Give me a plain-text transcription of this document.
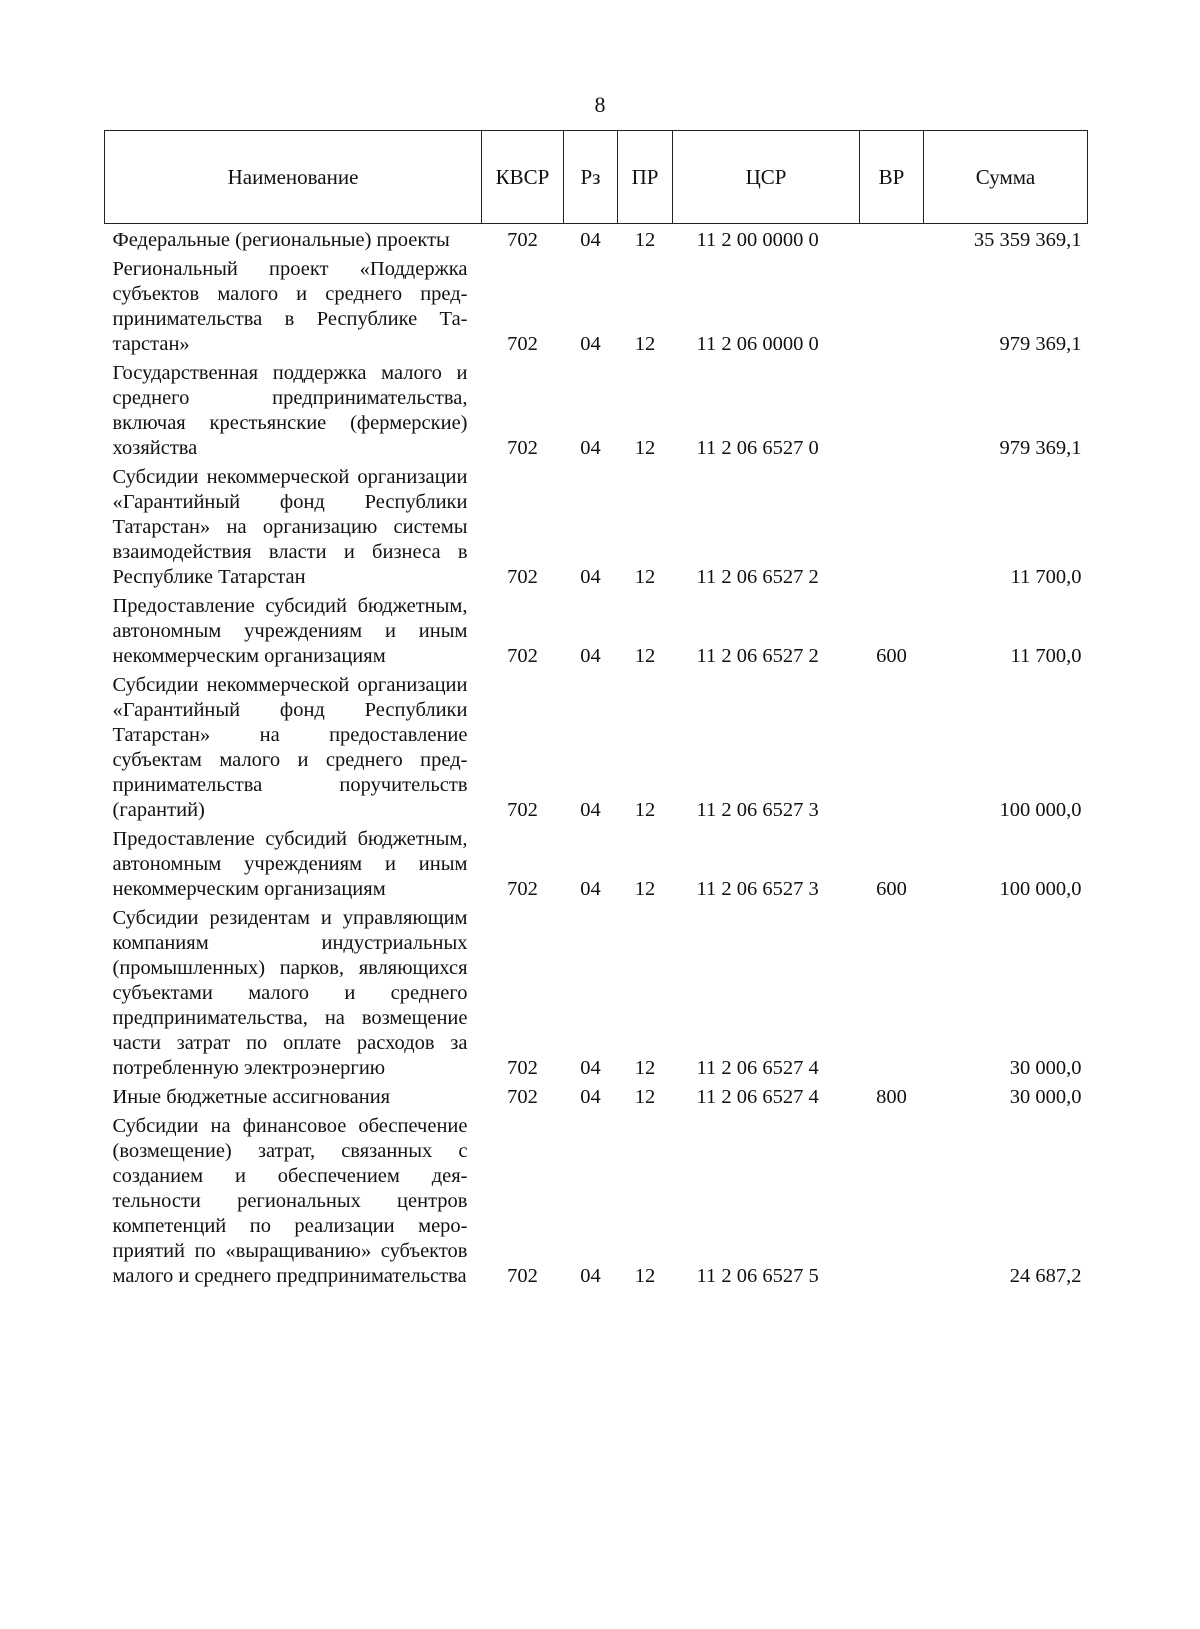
8
Наименование	КВСР	Рз	ПР	ЦСР	ВР	Сумма
Федеральные (региональные) проекты	702	04	12	11 2 00 0000 0		35 359 369,1
Региональный проект «Поддержка субъектов малого и среднего предпринимательства в Республике Татарстан»	702	04	12	11 2 06 0000 0		979 369,1
Государственная поддержка малого и среднего предпринимательства, включая крестьянские (фермерские) хозяйства	702	04	12	11 2 06 6527 0		979 369,1
Субсидии некоммерческой организации «Гарантийный фонд Республики Татарстан» на организацию системы взаимодействия власти и бизнеса в Республике Татарстан	702	04	12	11 2 06 6527 2		11 700,0
Предоставление субсидий бюджетным, автономным учреждениям и иным некоммерческим организациям	702	04	12	11 2 06 6527 2	600	11 700,0
Субсидии некоммерческой организации «Гарантийный фонд Республики Татарстан» на предоставление субъектам малого и среднего предпринимательства поручительств (гарантий)	702	04	12	11 2 06 6527 3		100 000,0
Предоставление субсидий бюджетным, автономным учреждениям и иным некоммерческим организациям	702	04	12	11 2 06 6527 3	600	100 000,0
Субсидии резидентам и управляющим компаниям индустриальных (промышленных) парков, являющихся субъектами малого и среднего предпринимательства, на возмещение части затрат по оплате расходов за потребленную электроэнергию	702	04	12	11 2 06 6527 4		30 000,0
Иные бюджетные ассигнования	702	04	12	11 2 06 6527 4	800	30 000,0
Субсидии на финансовое обеспечение (возмещение) затрат, связанных с созданием и обеспечением деятельности региональных центров компетенций по реализации мероприятий по «выращиванию» субъектов малого и среднего предпринимательства	702	04	12	11 2 06 6527 5		24 687,2
